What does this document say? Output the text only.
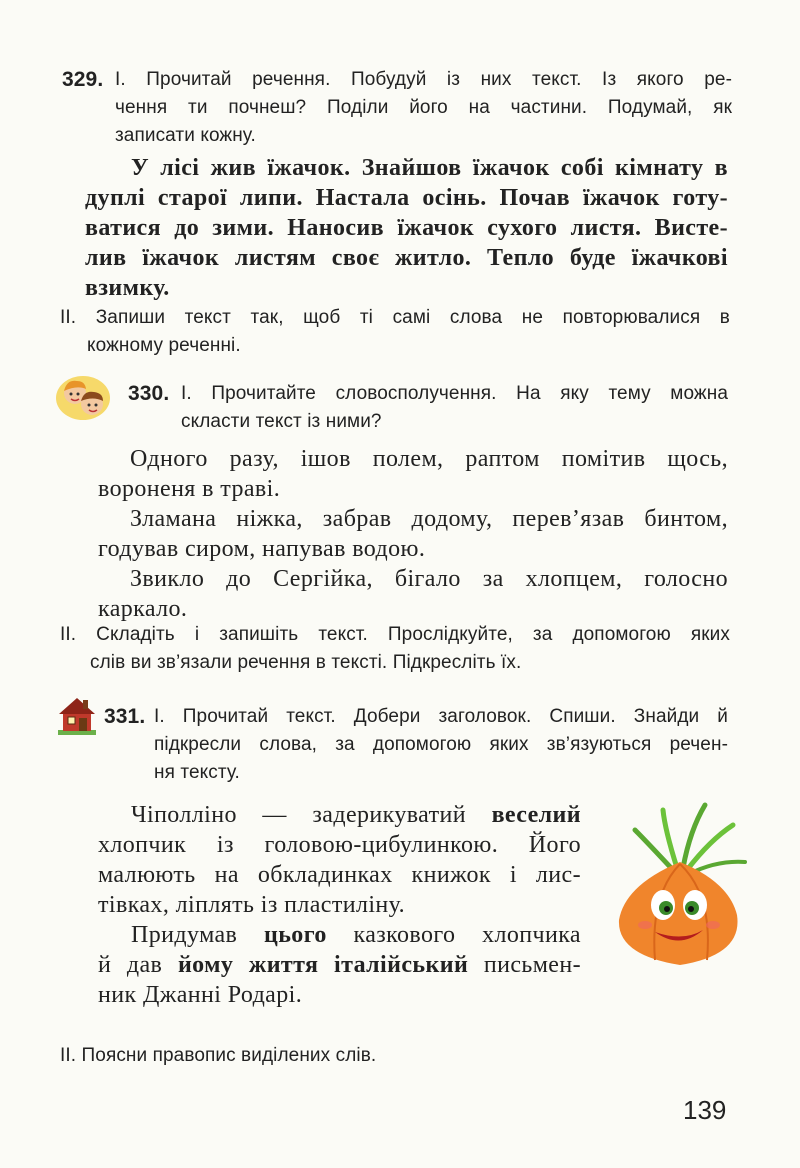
329. I. Прочитай речення. Побудуй із них текст. Із якого ре-
чення ти почнеш? Поділи його на частини. Подумай, як
записати кожну.
У лісі жив їжачок. Знайшов їжачок собі кімнату в
дуплі старої липи. Настала осінь. Почав їжачок готу-
ватися до зими. Наносив їжачок сухого листя. Висте-
лив їжачок листям своє житло. Тепло буде їжачкові
взимку.
II. Запиши текст так, щоб ті самі слова не повторювалися в
кожному реченні.
330. I. Прочитайте словосполучення. На яку тему можна
скласти текст із ними?
Одного разу, ішов полем, раптом помітив щось,
вороненя в траві.
Зламана ніжка, забрав додому, перев’язав бинтом,
годував сиром, напував водою.
Звикло до Сергійка, бігало за хлопцем, голосно
каркало.
II. Складіть і запишіть текст. Прослідкуйте, за допомогою яких
слів ви зв’язали речення в тексті. Підкресліть їх.
331. I. Прочитай текст. Добери заголовок. Спиши. Знайди й
підкресли слова, за допомогою яких зв’язуються речен-
ня тексту.
Чіполліно — задерикуватий веселий
хлопчик із головою-цибулинкою. Його
малюють на обкладинках книжок і лис-
тівках, ліплять із пластиліну.
Придумав цього казкового хлопчика
й дав йому життя італійський письмен-
ник Джанні Родарі.
II. Поясни правопис виділених слів.
139
